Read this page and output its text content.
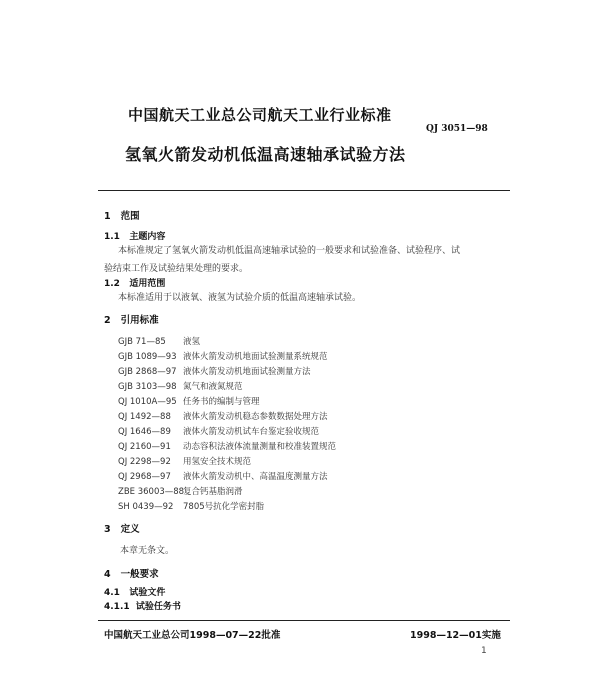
中国航天工业总公司航天工业行业标准
QJ 3051—98
氢氧火箭发动机低温高速轴承试验方法
1 范围
1.1 主题内容
本标准规定了氢氧火箭发动机低温高速轴承试验的一般要求和试验准备、试验程序、试
验结束工作及试验结果处理的要求。
1.2 适用范围
本标准适用于以液氧、液氢为试验介质的低温高速轴承试验。
2 引用标准
GJB 71—85 液氢
GJB 1089—93 液体火箭发动机地面试验测量系统规范
GJB 2868—97 液体火箭发动机地面试验测量方法
GJB 3103—98 氮气和液氮规范
QJ 1010A—95 任务书的编制与管理
QJ 1492—88 液体火箭发动机稳态参数数据处理方法
QJ 1646—89 液体火箭发动机试车台鉴定验收规范
QJ 2160—91 动态容积法液体流量测量和校准装置规范
QJ 2298—92 用氢安全技术规范
QJ 2968—97 液体火箭发动机中、高温温度测量方法
ZBE 36003—88复合钙基脂润滑
SH 0439—92 7805号抗化学密封脂
3 定义
本章无条文。
4 一般要求
4.1 试验文件
4.1.1 试验任务书
中国航天工业总公司1998—07—22批准	1998—12—01实施
1
